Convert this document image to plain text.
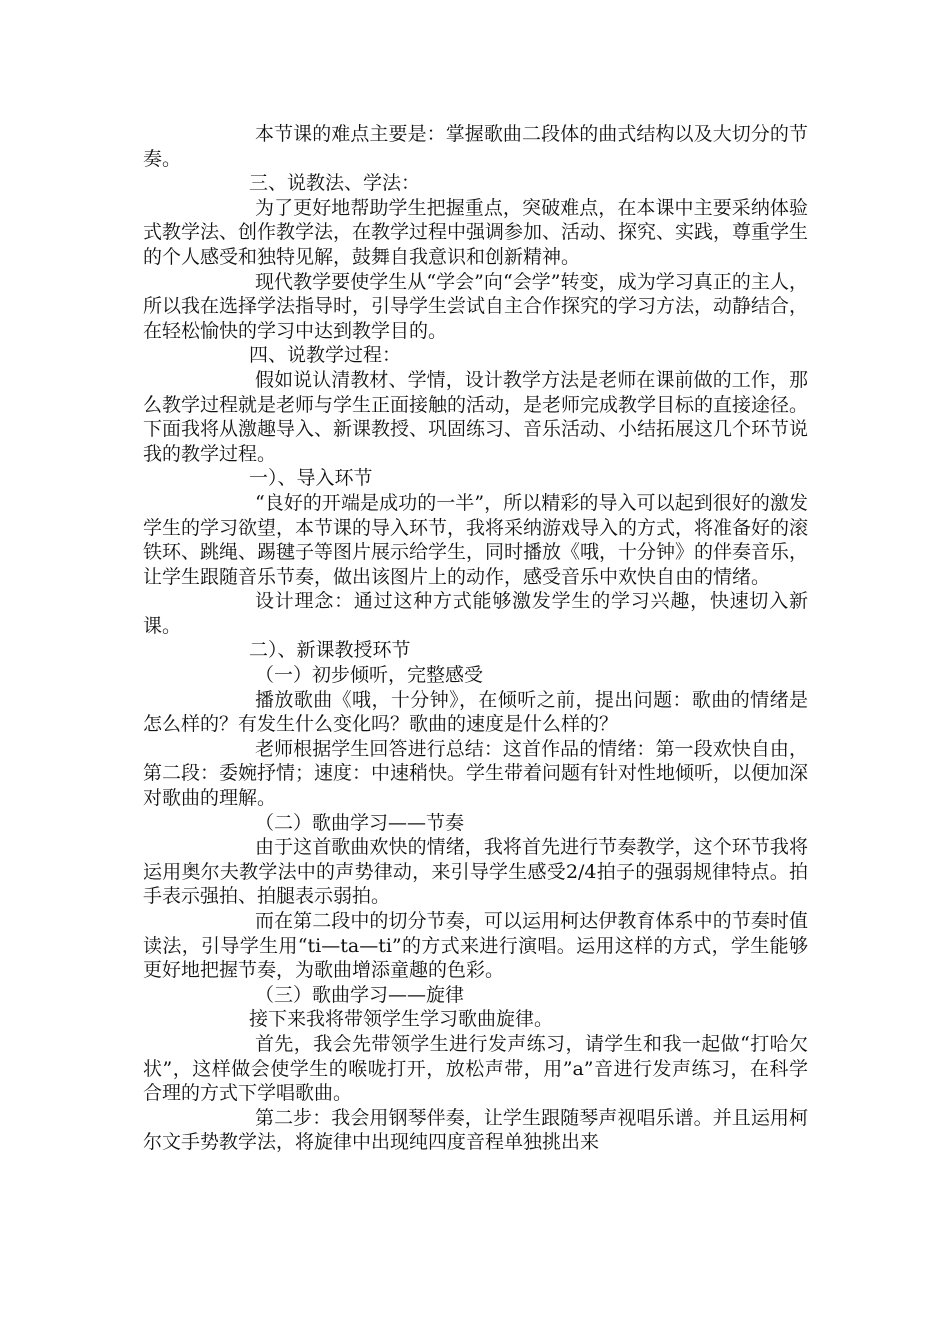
本节课的难点主要是：掌握歌曲二段体的曲式结构以及大切分的节奏。

三、说教法、学法：

为了更好地帮助学生把握重点，突破难点，在本课中主要采纳体验式教学法、创作教学法，在教学过程中强调参加、活动、探究、实践，尊重学生的个人感受和独特见解，鼓舞自我意识和创新精神。

现代教学要使学生从“学会”向“会学”转变，成为学习真正的主人，所以我在选择学法指导时，引导学生尝试自主合作探究的学习方法，动静结合，在轻松愉快的学习中达到教学目的。

四、说教学过程：

假如说认清教材、学情，设计教学方法是老师在课前做的工作，那么教学过程就是老师与学生正面接触的活动，是老师完成教学目标的直接途径。下面我将从激趣导入、新课教授、巩固练习、音乐活动、小结拓展这几个环节说我的教学过程。

一）、导入环节

“良好的开端是成功的一半”，所以精彩的导入可以起到很好的激发学生的学习欲望，本节课的导入环节，我将采纳游戏导入的方式，将准备好的滚铁环、跳绳、踢毽子等图片展示给学生，同时播放《哦，十分钟》的伴奏音乐，让学生跟随音乐节奏，做出该图片上的动作，感受音乐中欢快自由的情绪。

设计理念：通过这种方式能够激发学生的学习兴趣，快速切入新课。

二）、新课教授环节

（一）初步倾听，完整感受

播放歌曲《哦，十分钟》，在倾听之前，提出问题：歌曲的情绪是怎么样的？有发生什么变化吗？歌曲的速度是什么样的？

老师根据学生回答进行总结：这首作品的情绪：第一段欢快自由，第二段：委婉抒情；速度：中速稍快。学生带着问题有针对性地倾听，以便加深对歌曲的理解。

（二）歌曲学习——节奏

由于这首歌曲欢快的情绪，我将首先进行节奏教学，这个环节我将运用奥尔夫教学法中的声势律动，来引导学生感受2/4拍子的强弱规律特点。拍手表示强拍、拍腿表示弱拍。

而在第二段中的切分节奏，可以运用柯达伊教育体系中的节奏时值读法，引导学生用“ti—ta—ti”的方式来进行演唱。运用这样的方式，学生能够更好地把握节奏，为歌曲增添童趣的色彩。

（三）歌曲学习——旋律

接下来我将带领学生学习歌曲旋律。

首先，我会先带领学生进行发声练习，请学生和我一起做“打哈欠状”，这样做会使学生的喉咙打开，放松声带，用”a”音进行发声练习，在科学合理的方式下学唱歌曲。

第二步：我会用钢琴伴奏，让学生跟随琴声视唱乐谱。并且运用柯尔文手势教学法，将旋律中出现纯四度音程单独挑出来
